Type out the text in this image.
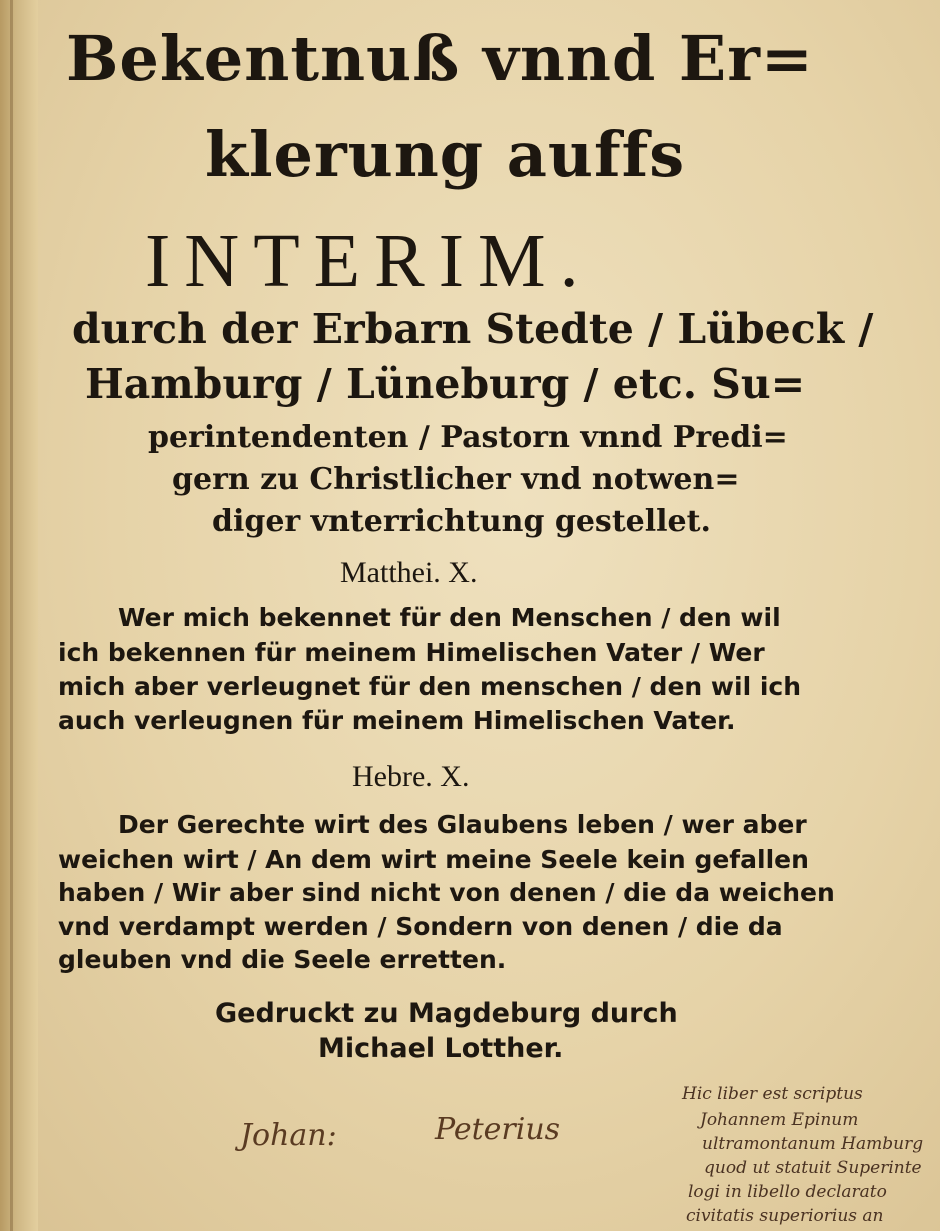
Bekentnuß vnnd Er=

klerung auffs

INTERIM.

durch der Erbarn Stedte / Lübeck /

Hamburg / Lüneburg / etc. Su=

perintendenten / Pastorn vnnd Predi=

gern zu Christlicher vnd notwen=

diger vnterrichtung gestellet.

Matthei. X.

Wer mich bekennet für den Menschen / den wil

ich bekennen für meinem Himelischen Vater / Wer

mich aber verleugnet für den menschen / den wil ich

auch verleugnen für meinem Himelischen Vater.

Hebre. X.

Der Gerechte wirt des Glaubens leben / wer aber

weichen wirt / An dem wirt meine Seele kein gefallen

haben / Wir aber sind nicht von denen / die da weichen

vnd verdampt werden / Sondern von denen / die da

gleuben vnd die Seele erretten.

Gedruckt zu Magdeburg durch

Michael Lotther.

Johan:	Peterius

Hic liber est scriptus

Johannem Epinum

ultramontanum Hamburg

quod ut statuit Superinte

logi in libello declarato

civitatis superiorius an
